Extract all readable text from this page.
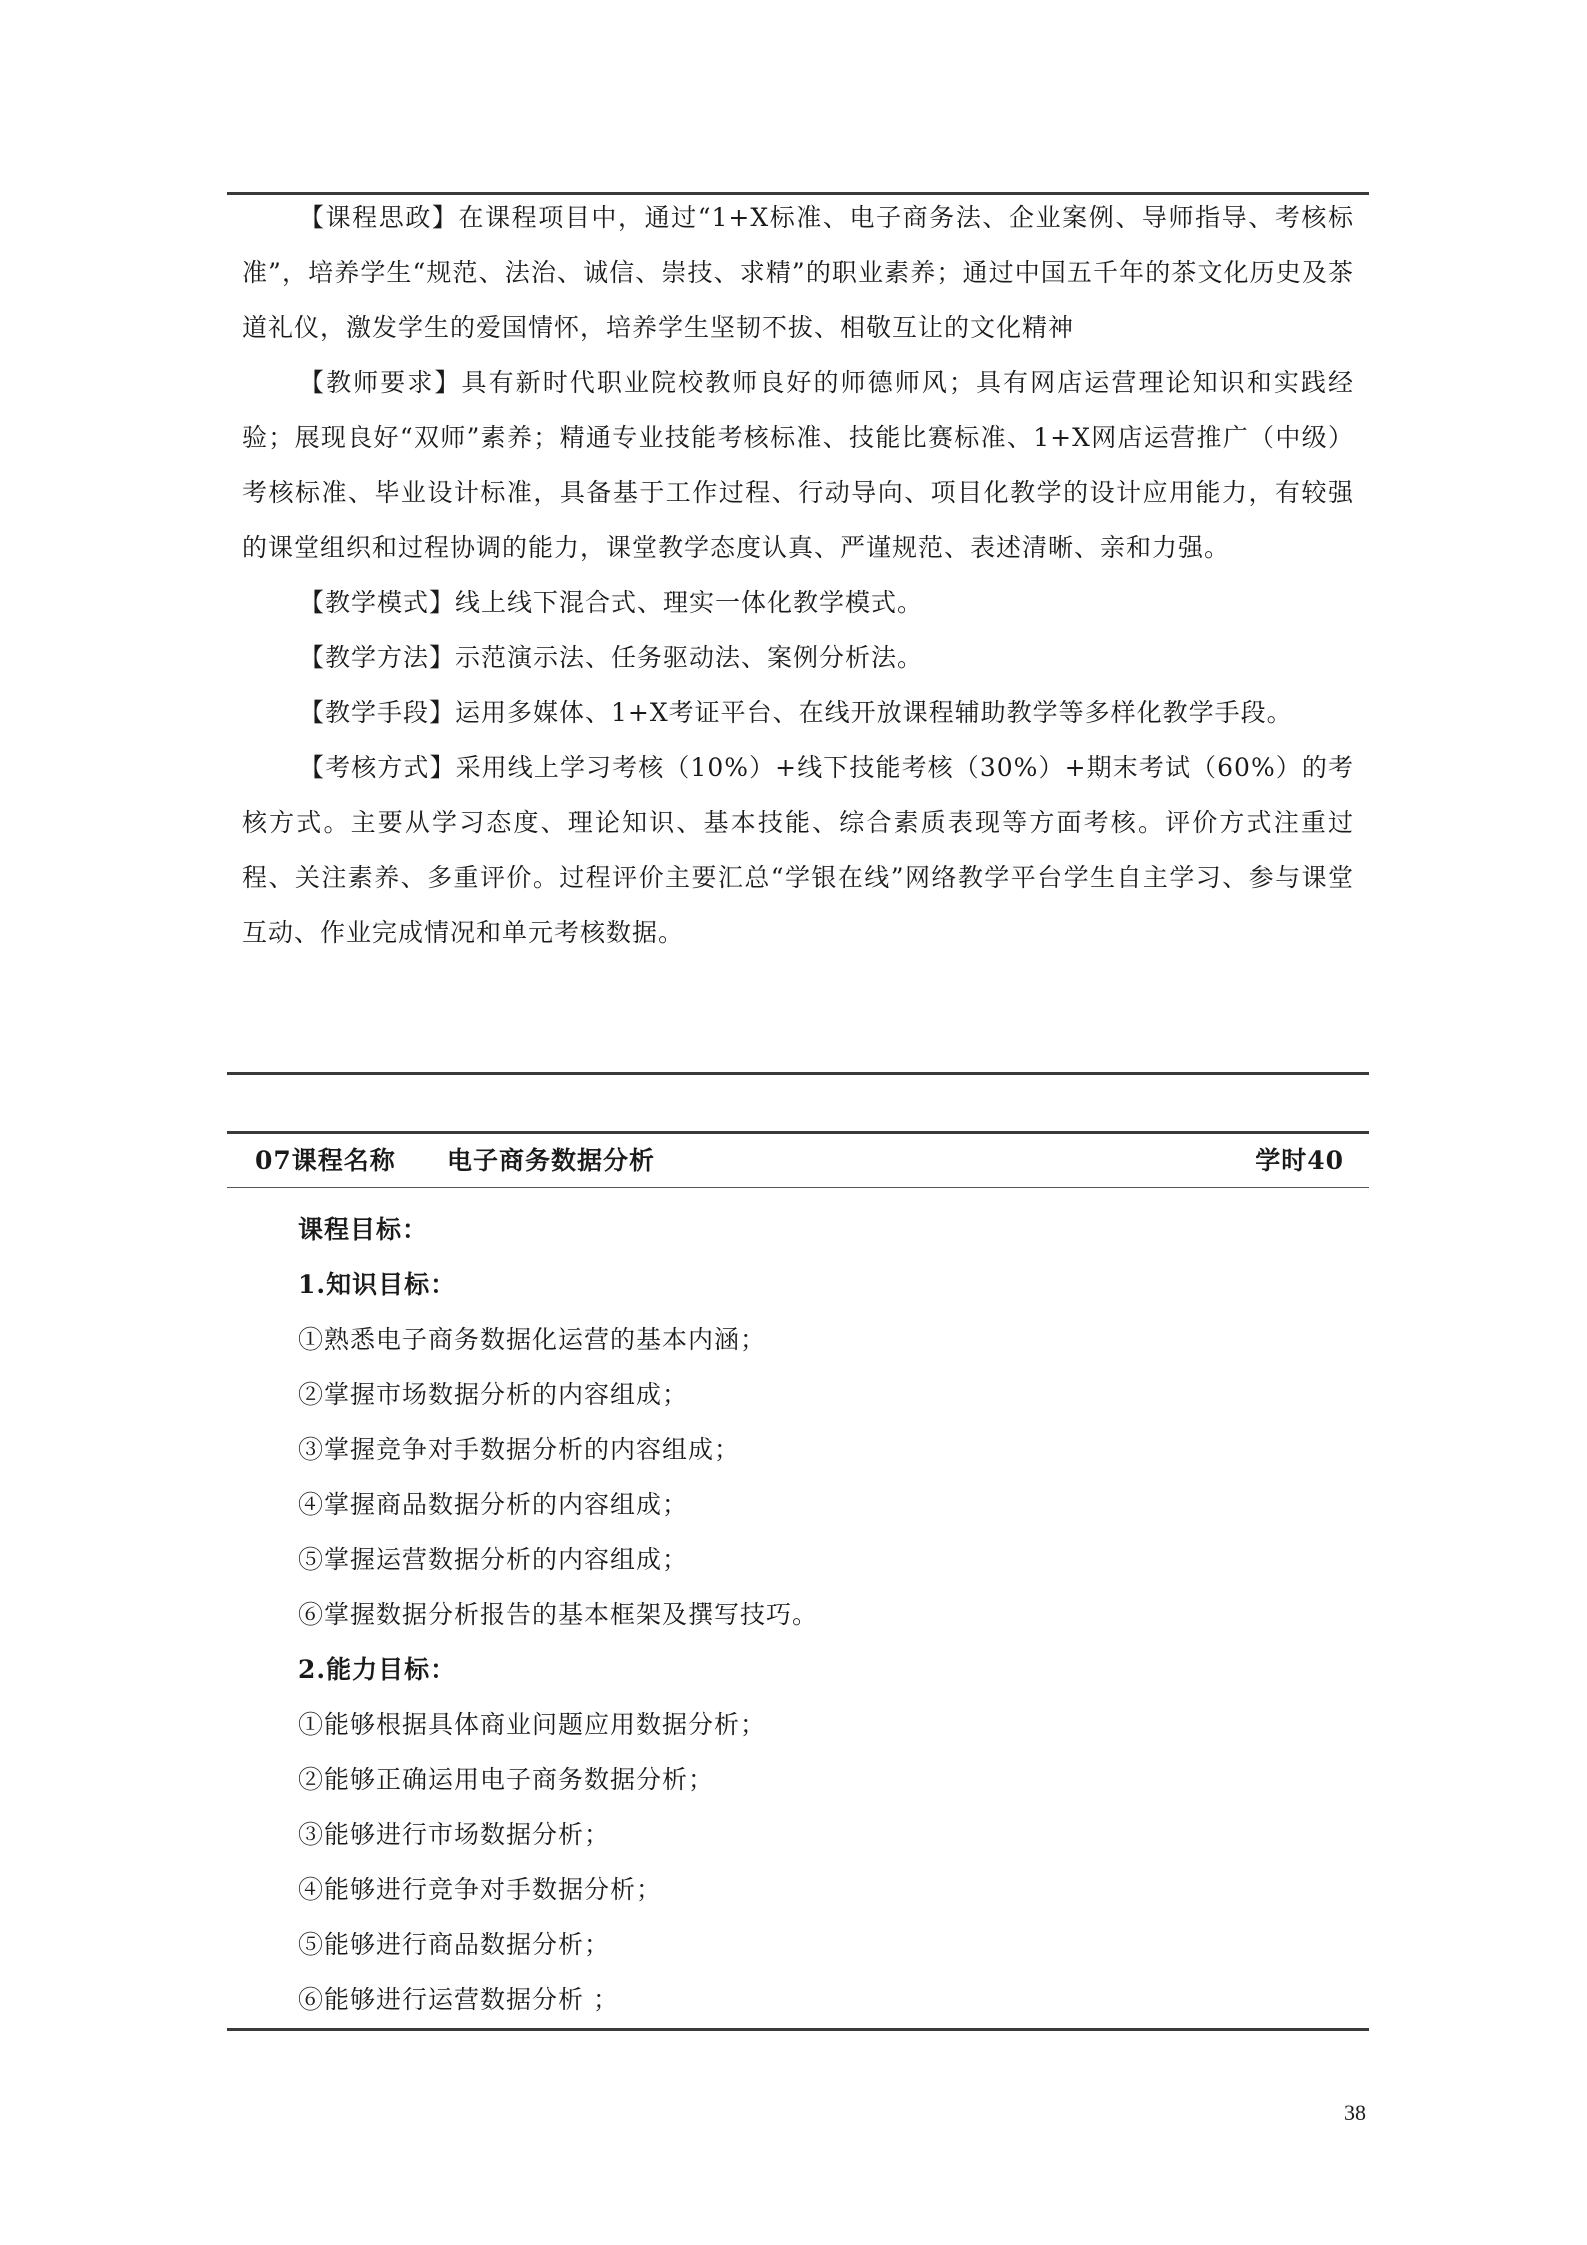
【课程思政】在课程项目中，通过“1+X标准、电子商务法、企业案例、导师指导、考核标准”，培养学生“规范、法治、诚信、崇技、求精”的职业素养；通过中国五千年的茶文化历史及茶道礼仪，激发学生的爱国情怀，培养学生坚韧不拔、相敬互让的文化精神

【教师要求】具有新时代职业院校教师良好的师德师风；具有网店运营理论知识和实践经验；展现良好“双师”素养；精通专业技能考核标准、技能比赛标准、1+X网店运营推广（中级）考核标准、毕业设计标准，具备基于工作过程、行动导向、项目化教学的设计应用能力，有较强的课堂组织和过程协调的能力，课堂教学态度认真、严谨规范、表述清晰、亲和力强。

【教学模式】线上线下混合式、理实一体化教学模式。

【教学方法】示范演示法、任务驱动法、案例分析法。

【教学手段】运用多媒体、1+X考证平台、在线开放课程辅助教学等多样化教学手段。

【考核方式】采用线上学习考核（10%）+线下技能考核（30%）+期末考试（60%）的考核方式。主要从学习态度、理论知识、基本技能、综合素质表现等方面考核。评价方式注重过程、关注素养、多重评价。过程评价主要汇总“学银在线”网络教学平台学生自主学习、参与课堂互动、作业完成情况和单元考核数据。

07课程名称 电子商务数据分析	学时40

课程目标：

1.知识目标：

①熟悉电子商务数据化运营的基本内涵；

②掌握市场数据分析的内容组成；

③掌握竞争对手数据分析的内容组成；

④掌握商品数据分析的内容组成；

⑤掌握运营数据分析的内容组成；

⑥掌握数据分析报告的基本框架及撰写技巧。

2.能力目标：

①能够根据具体商业问题应用数据分析；

②能够正确运用电子商务数据分析；

③能够进行市场数据分析；

④能够进行竞争对手数据分析；

⑤能够进行商品数据分析；

⑥能够进行运营数据分析 ；

38
